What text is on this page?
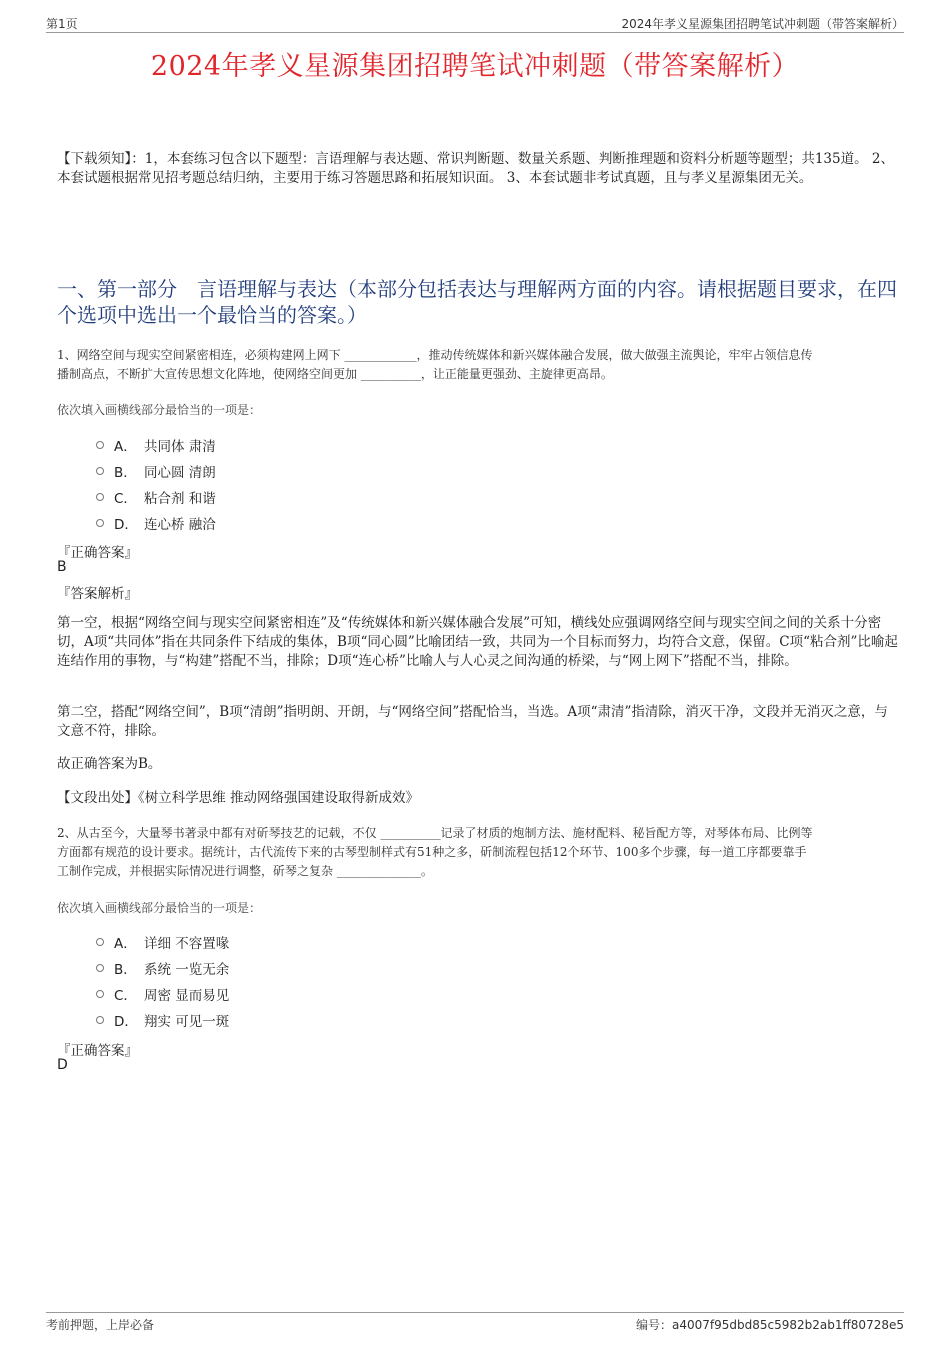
第1页	2024年孝义星源集团招聘笔试冲刺题（带答案解析）
2024年孝义星源集团招聘笔试冲刺题（带答案解析）
【下载须知】：1，本套练习包含以下题型：言语理解与表达题、常识判断题、数量关系题、判断推理题和资料分析题等题型；共135道。 2、本套试题根据常见招考题总结归纳，主要用于练习答题思路和拓展知识面。 3、本套试题非考试真题，且与孝义星源集团无关。
一、第一部分　言语理解与表达（本部分包括表达与理解两方面的内容。请根据题目要求，在四个选项中选出一个最恰当的答案。）
1、网络空间与现实空间紧密相连，必须构建网上网下 ____________，推动传统媒体和新兴媒体融合发展，做大做强主流舆论，牢牢占领信息传
播制高点，不断扩大宣传思想文化阵地，使网络空间更加 __________，让正能量更强劲、主旋律更高昂。
依次填入画横线部分最恰当的一项是：
A． 共同体 肃清
B． 同心圆 清朗
C． 粘合剂 和谐
D． 连心桥 融洽
『正确答案』
B
『答案解析』
第一空，根据“网络空间与现实空间紧密相连”及“传统媒体和新兴媒体融合发展”可知，横线处应强调网络空间与现实空间之间的关系十分密切，A项“共同体”指在共同条件下结成的集体，B项“同心圆”比喻团结一致，共同为一个目标而努力，均符合文意，保留。C项“粘合剂”比喻起连结作用的事物，与“构建”搭配不当，排除；D项“连心桥”比喻人与人心灵之间沟通的桥梁，与“网上网下”搭配不当，排除。
第二空，搭配“网络空间”，B项“清朗”指明朗、开朗，与“网络空间”搭配恰当，当选。A项“肃清”指清除，消灭干净，文段并无消灭之意，与文意不符，排除。
故正确答案为B。
【文段出处】《树立科学思维 推动网络强国建设取得新成效》
2、从古至今，大量琴书著录中都有对斫琴技艺的记载，不仅 __________记录了材质的炮制方法、施材配料、秘旨配方等，对琴体布局、比例等
方面都有规范的设计要求。据统计，古代流传下来的古琴型制样式有51种之多，斫制流程包括12个环节、100多个步骤，每一道工序都要靠手
工制作完成，并根据实际情况进行调整，斫琴之复杂 ______________。
依次填入画横线部分最恰当的一项是：
A． 详细 不容置喙
B． 系统 一览无余
C． 周密 显而易见
D． 翔实 可见一斑
『正确答案』
D
考前押题，上岸必备	编号：a4007f95dbd85c5982b2ab1ff80728e5
